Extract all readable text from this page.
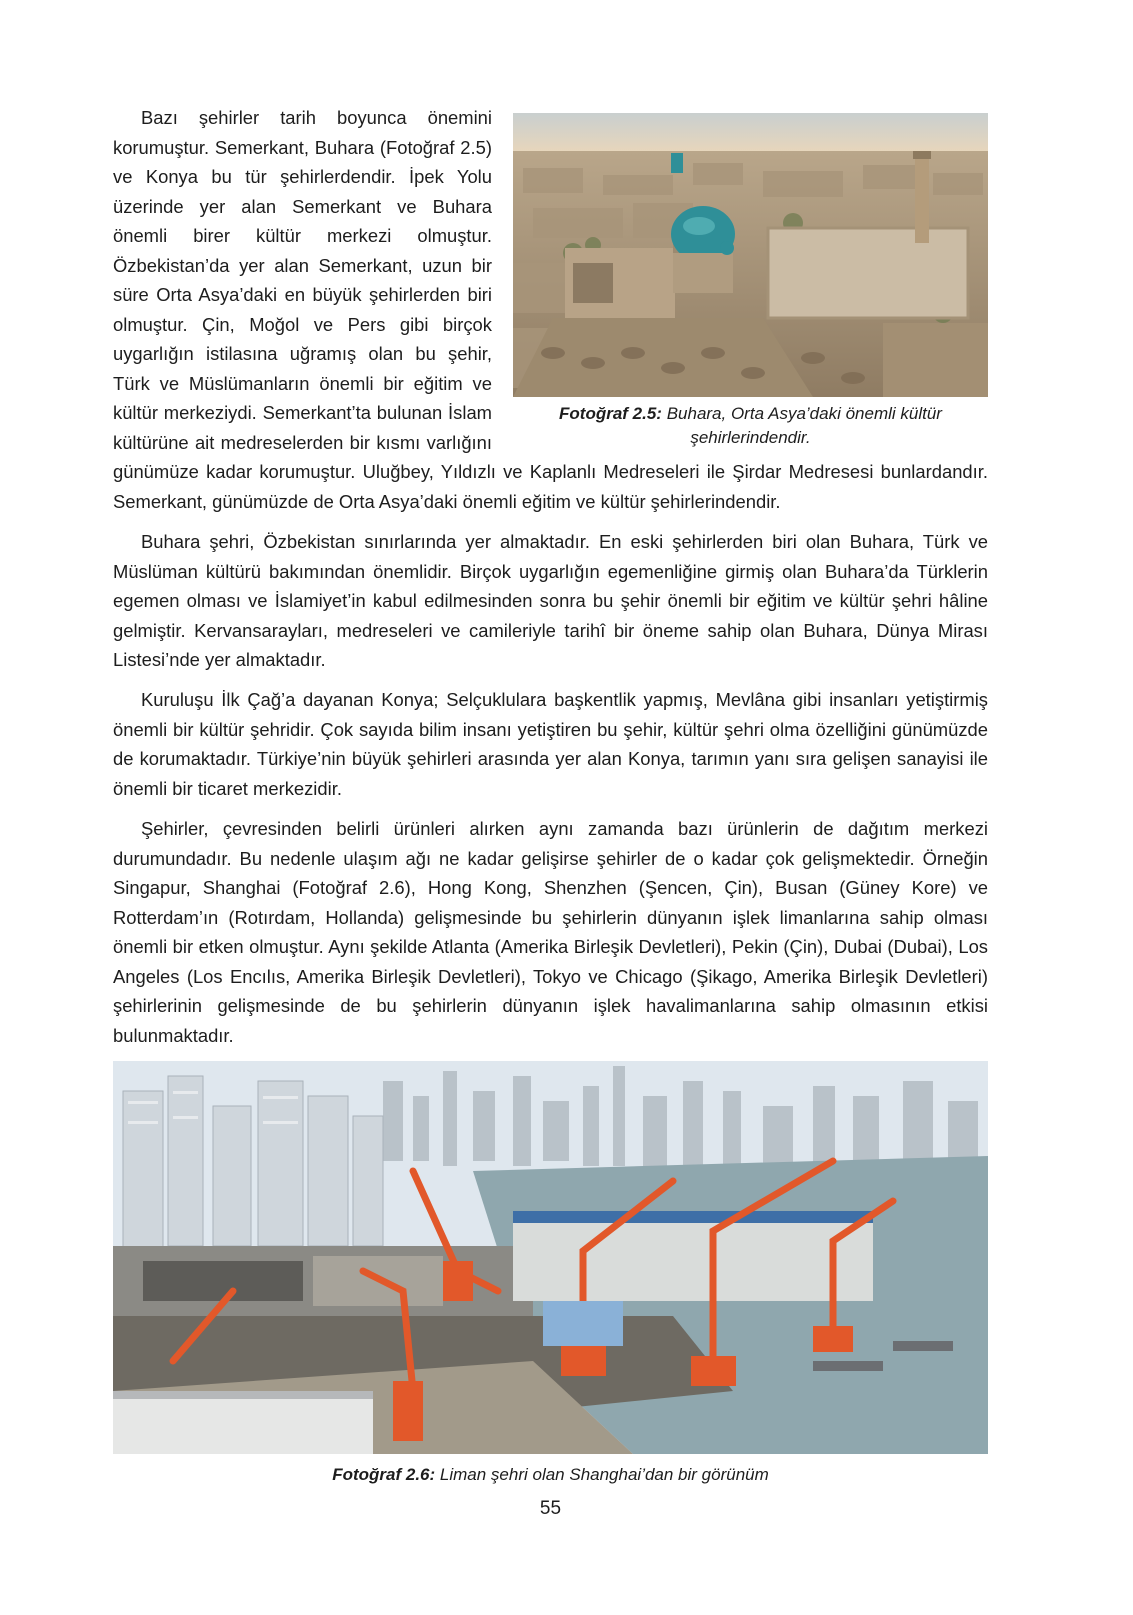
Bazı şehirler tarih boyunca önemini korumuştur. Semerkant, Buhara (Fotoğraf 2.5) ve Konya bu tür şehirlerdendir. İpek Yolu üzerinde yer alan Semerkant ve Buhara önemli birer kültür merkezi olmuştur. Özbekistan’da yer alan Semerkant, uzun bir süre Orta Asya’daki en büyük şehirlerden biri olmuştur. Çin, Moğol ve Pers gibi birçok uygarlığın istilasına uğramış olan bu şehir, Türk ve Müslümanların önemli bir eğitim ve kültür merkeziydi. Semerkant’ta bulunan İslam kültürüne ait medreselerden bir kısmı varlığını günümüze kadar korumuştur. Uluğbey, Yıldızlı ve Kaplanlı Medreseleri ile Şirdar Medresesi bunlardandır. Semerkant, günümüzde de Orta Asya’daki önemli eğitim ve kültür şehirlerindendir.

Fotoğraf 2.5: Buhara, Orta Asya’daki önemli kültür şehirlerindendir.

Buhara şehri, Özbekistan sınırlarında yer almaktadır. En eski şehirlerden biri olan Buhara, Türk ve Müslüman kültürü bakımından önemlidir. Birçok uygarlığın egemenliğine girmiş olan Buhara’da Türklerin egemen olması ve İslamiyet’in kabul edilmesinden sonra bu şehir önemli bir eğitim ve kültür şehri hâline gelmiştir. Kervansarayları, medreseleri ve camileriyle tarihî bir öneme sahip olan Buhara, Dünya Mirası Listesi’nde yer almaktadır.

Kuruluşu İlk Çağ’a dayanan Konya; Selçuklulara başkentlik yapmış, Mevlâna gibi insanları yetiştirmiş önemli bir kültür şehridir. Çok sayıda bilim insanı yetiştiren bu şehir, kültür şehri olma özelliğini günümüzde de korumaktadır. Türkiye’nin büyük şehirleri arasında yer alan Konya, tarımın yanı sıra gelişen sanayisi ile önemli bir ticaret merkezidir.

Şehirler, çevresinden belirli ürünleri alırken aynı zamanda bazı ürünlerin de dağıtım merkezi durumundadır. Bu nedenle ulaşım ağı ne kadar gelişirse şehirler de o kadar çok gelişmektedir. Örneğin Singapur, Shanghai (Fotoğraf 2.6), Hong Kong, Shenzhen (Şencen, Çin), Busan (Güney Kore) ve Rotterdam’ın (Rotırdam, Hollanda) gelişmesinde bu şehirlerin dünyanın işlek limanlarına sahip olması önemli bir etken olmuştur. Aynı şekilde Atlanta (Amerika Birleşik Devletleri), Pekin (Çin), Dubai (Dubai), Los Angeles (Los Encılıs, Amerika Birleşik Devletleri), Tokyo ve Chicago (Şikago, Amerika Birleşik Devletleri) şehirlerinin gelişmesinde de bu şehirlerin dünyanın işlek havalimanlarına sahip olmasının etkisi bulunmaktadır.

Fotoğraf 2.6: Liman şehri olan Shanghai’dan bir görünüm
55
